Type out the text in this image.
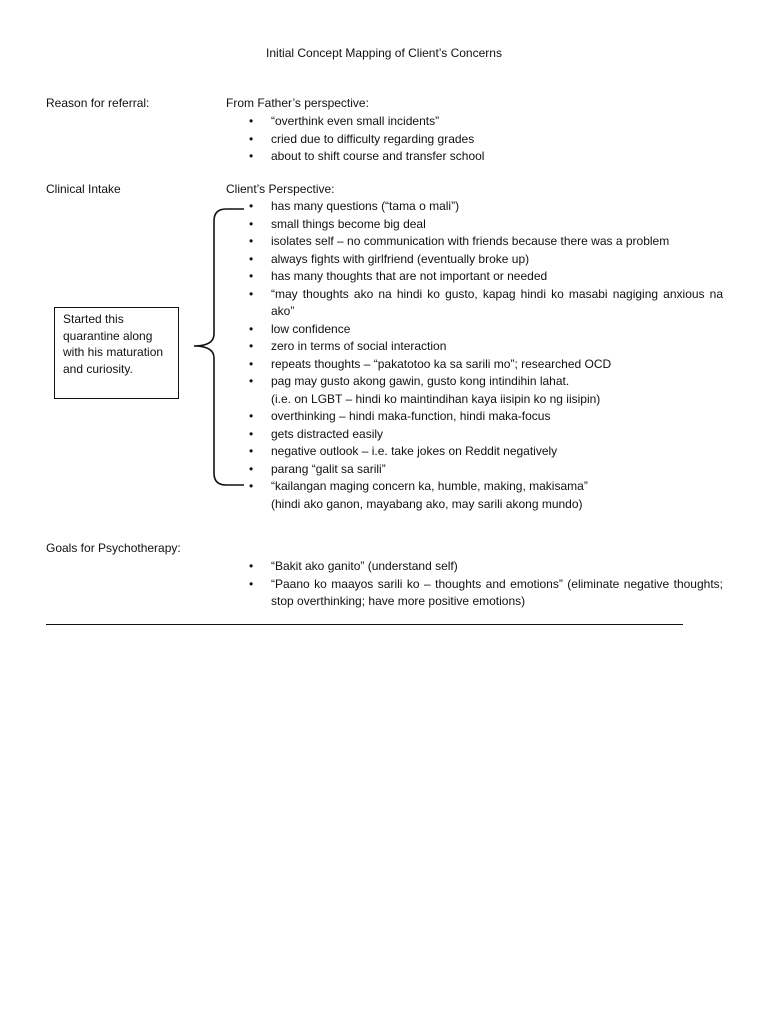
Initial Concept Mapping of Client’s Concerns
Reason for referral:	From Father’s perspective:
• “overthink even small incidents”
• cried due to difficulty regarding grades
• about to shift course and transfer school
Clinical Intake	Client’s Perspective:
• has many questions (“tama o mali”)
• small things become big deal
• isolates self – no communication with friends because there was a problem
• always fights with girlfriend (eventually broke up)
• has many thoughts that are not important or needed
• “may thoughts ako na hindi ko gusto, kapag hindi ko masabi nagiging anxious na ako”
• low confidence
• zero in terms of social interaction
• repeats thoughts – “pakatotoo ka sa sarili mo”; researched OCD
• pag may gusto akong gawin, gusto kong intindihin lahat.
(i.e. on LGBT – hindi ko maintindihan kaya iisipin ko ng iisipin)
• overthinking – hindi maka-function, hindi maka-focus
• gets distracted easily
• negative outlook – i.e. take jokes on Reddit negatively
• parang “galit sa sarili”
• “kailangan maging concern ka, humble, making, makisama”
(hindi ako ganon, mayabang ako, may sarili akong mundo)
Started this quarantine along with his maturation and curiosity.
Goals for Psychotherapy:
• “Bakit ako ganito” (understand self)
• “Paano ko maayos sarili ko – thoughts and emotions” (eliminate negative thoughts; stop overthinking; have more positive emotions)
